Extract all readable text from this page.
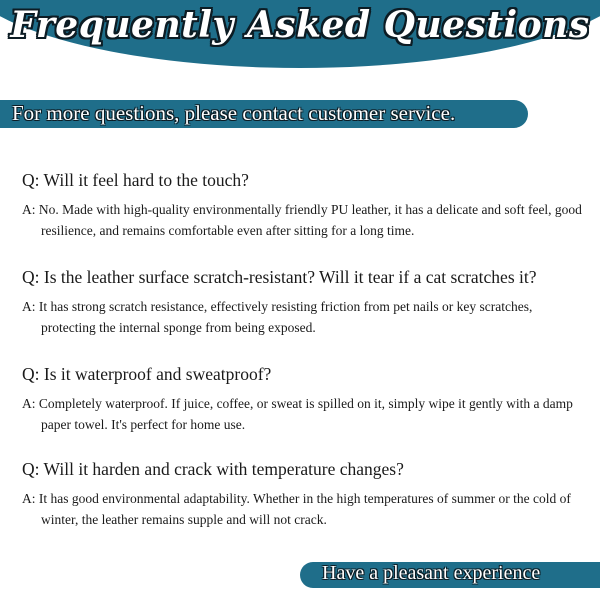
Frequently Asked Questions
For more questions, please contact customer service.
Q: Will it feel hard to the touch?
A: No. Made with high-quality environmentally friendly PU leather, it has a delicate and soft feel, good resilience, and remains comfortable even after sitting for a long time.
Q: Is the leather surface scratch-resistant? Will it tear if a cat scratches it?
A: It has strong scratch resistance, effectively resisting friction from pet nails or key scratches, protecting the internal sponge from being exposed.
Q: Is it waterproof and sweatproof?
A: Completely waterproof. If juice, coffee, or sweat is spilled on it, simply wipe it gently with a damp paper towel. It's perfect for home use.
Q: Will it harden and crack with temperature changes?
A: It has good environmental adaptability. Whether in the high temperatures of summer or the cold of winter, the leather remains supple and will not crack.
Have a pleasant experience
